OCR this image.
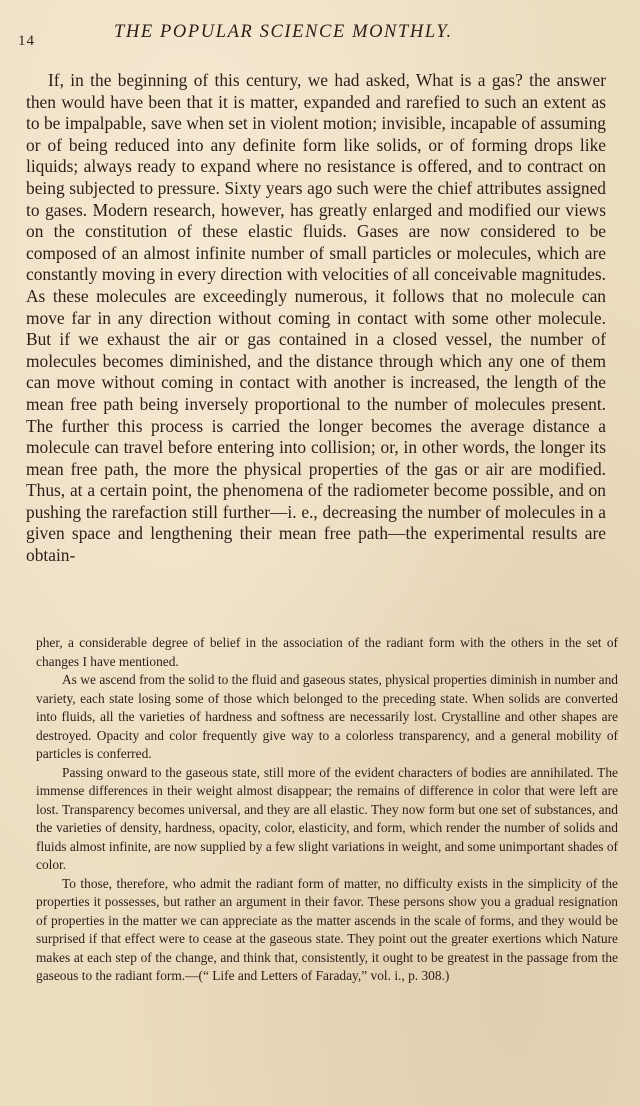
14	THE POPULAR SCIENCE MONTHLY.

If, in the beginning of this century, we had asked, What is a gas? the answer then would have been that it is matter, expanded and rarefied to such an extent as to be impalpable, save when set in violent motion; invisible, incapable of assuming or of being reduced into any definite form like solids, or of forming drops like liquids; always ready to expand where no resistance is offered, and to contract on being subjected to pressure. Sixty years ago such were the chief attributes assigned to gases. Modern research, however, has greatly enlarged and modified our views on the constitution of these elastic fluids. Gases are now considered to be composed of an almost infinite number of small particles or molecules, which are constantly moving in every direction with velocities of all conceivable magnitudes. As these molecules are exceedingly numerous, it follows that no molecule can move far in any direction without coming in contact with some other molecule. But if we exhaust the air or gas contained in a closed vessel, the number of molecules becomes diminished, and the distance through which any one of them can move without coming in contact with another is increased, the length of the mean free path being inversely proportional to the number of molecules present. The further this process is carried the longer becomes the average distance a molecule can travel before entering into collision; or, in other words, the longer its mean free path, the more the physical properties of the gas or air are modified. Thus, at a certain point, the phenomena of the radiometer become possible, and on pushing the rarefaction still further—i. e., decreasing the number of molecules in a given space and lengthening their mean free path—the experimental results are obtain-

pher, a considerable degree of belief in the association of the radiant form with the others in the set of changes I have mentioned.

As we ascend from the solid to the fluid and gaseous states, physical properties diminish in number and variety, each state losing some of those which belonged to the preceding state. When solids are converted into fluids, all the varieties of hardness and softness are necessarily lost. Crystalline and other shapes are destroyed. Opacity and color frequently give way to a colorless transparency, and a general mobility of particles is conferred.

Passing onward to the gaseous state, still more of the evident characters of bodies are annihilated. The immense differences in their weight almost disappear; the remains of difference in color that were left are lost. Transparency becomes universal, and they are all elastic. They now form but one set of substances, and the varieties of density, hardness, opacity, color, elasticity, and form, which render the number of solids and fluids almost infinite, are now supplied by a few slight variations in weight, and some unimportant shades of color.

To those, therefore, who admit the radiant form of matter, no difficulty exists in the simplicity of the properties it possesses, but rather an argument in their favor. These persons show you a gradual resignation of properties in the matter we can appreciate as the matter ascends in the scale of forms, and they would be surprised if that effect were to cease at the gaseous state. They point out the greater exertions which Nature makes at each step of the change, and think that, consistently, it ought to be greatest in the passage from the gaseous to the radiant form.—(“ Life and Letters of Faraday,” vol. i., p. 308.)
